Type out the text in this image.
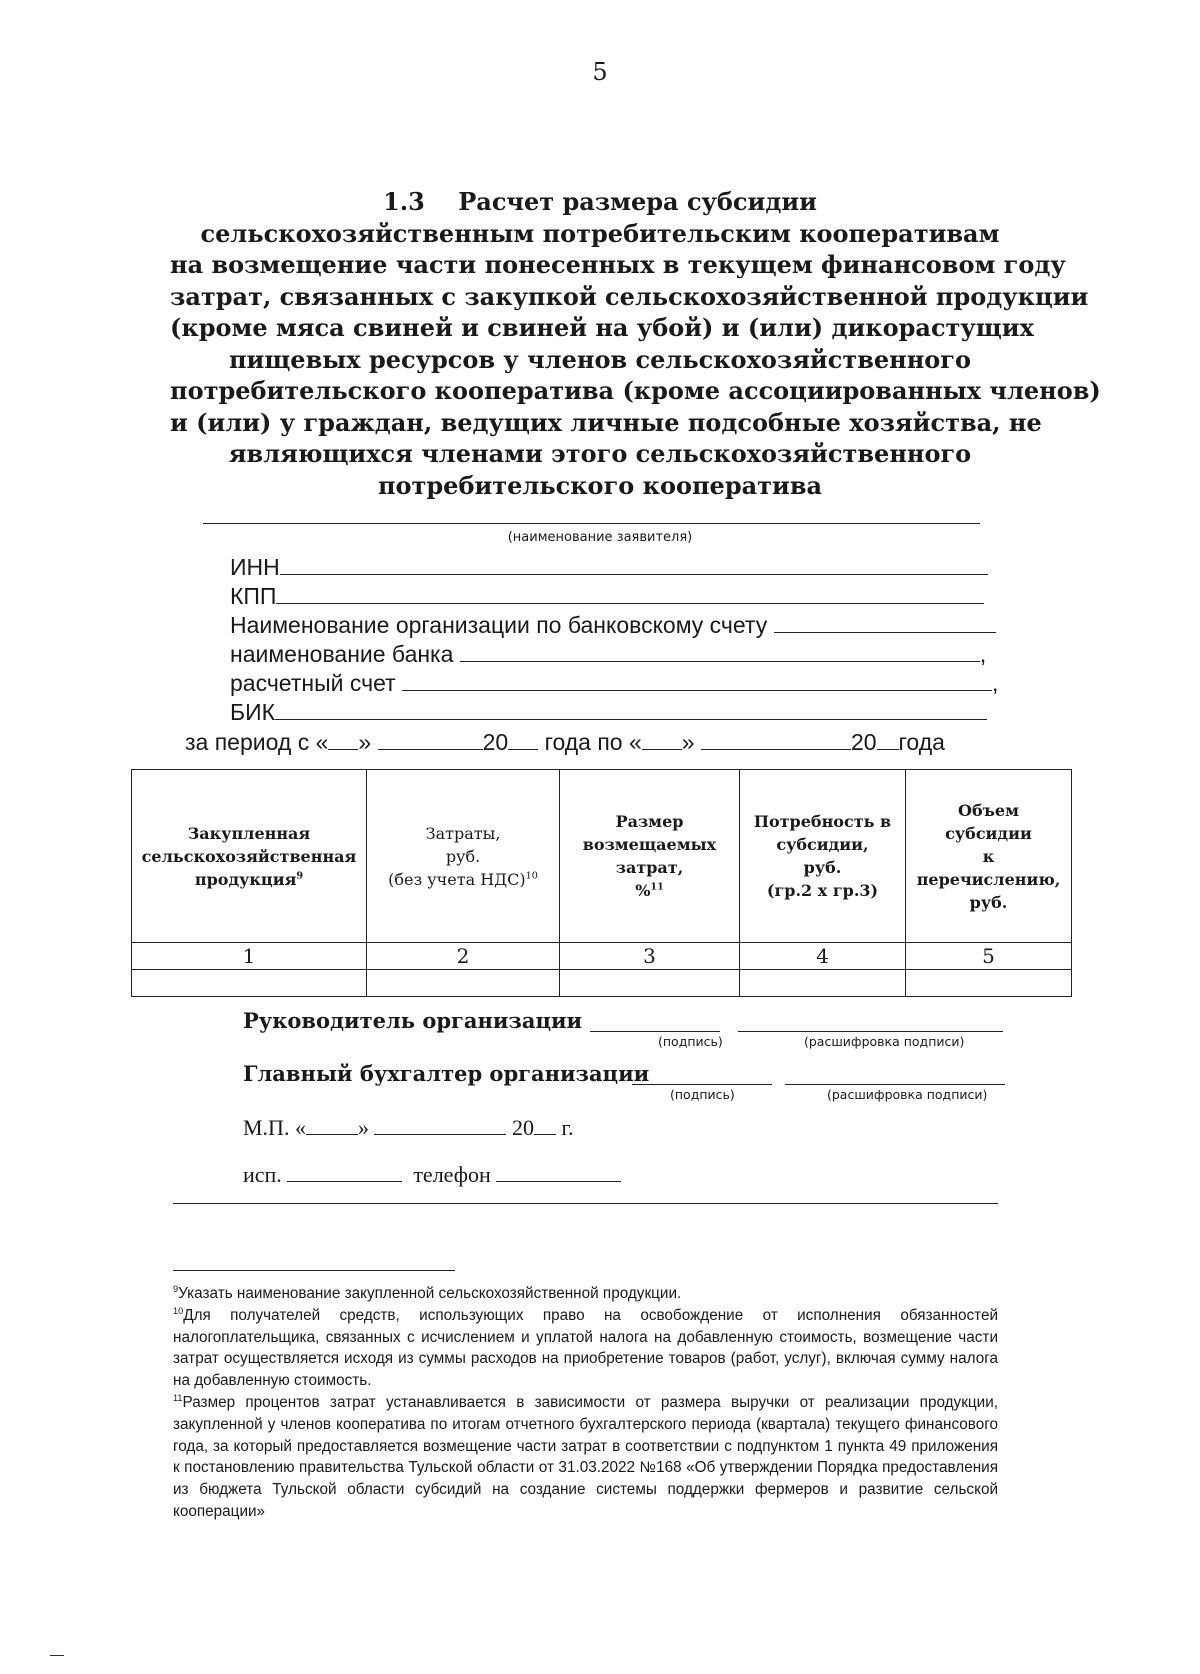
5
1.3 Расчет размера субсидии
сельскохозяйственным потребительским кооперативам
на возмещение части понесенных в текущем финансовом году
затрат, связанных с закупкой сельскохозяйственной продукции
(кроме мяса свиней и свиней на убой) и (или) дикорастущих
пищевых ресурсов у членов сельскохозяйственного
потребительского кооператива (кроме ассоциированных членов)
и (или) у граждан, ведущих личные подсобные хозяйства, не
являющихся членами этого сельскохозяйственного
потребительского кооператива
(наименование заявителя)
ИНН
КПП
Наименование организации по банковскому счету
наименование банка	,
расчетный счет	,
БИК
за период с « »	20 года по « »	20 года
Закупленная
сельскохозяйственная
продукция$^9$	Затраты,
руб.
(без учета НДС)$^{10}$	Размер
возмещаемых
затрат,
%$^{11}$	Потребность в
субсидии,
руб.
(гр.2 х гр.3)	Объем
субсидии
к перечислению,
руб.
1	2	3	4	5

Руководитель организации
(подпись)	(расшифровка подписи)
Главный бухгалтер организации
(подпись)	(расшифровка подписи)
М.П. « »	20 г.
исп.	телефон
$^9$Указать наименование закупленной сельскохозяйственной продукции.
$^{10}$Для получателей средств, использующих право на освобождение от исполнения обязанностей налогоплательщика, связанных с исчислением и уплатой налога на добавленную стоимость, возмещение части затрат осуществляется исходя из суммы расходов на приобретение товаров (работ, услуг), включая сумму налога на добавленную стоимость.
$^{11}$Размер процентов затрат устанавливается в зависимости от размера выручки от реализации продукции, закупленной у членов кооператива по итогам отчетного бухгалтерского периода (квартала) текущего финансового года, за который предоставляется возмещение части затрат в соответствии с подпунктом 1 пункта 49 приложения к постановлению правительства Тульской области от 31.03.2022 №168 «Об утверждении Порядка предоставления из бюджета Тульской области субсидий на создание системы поддержки фермеров и развитие сельской кооперации»
